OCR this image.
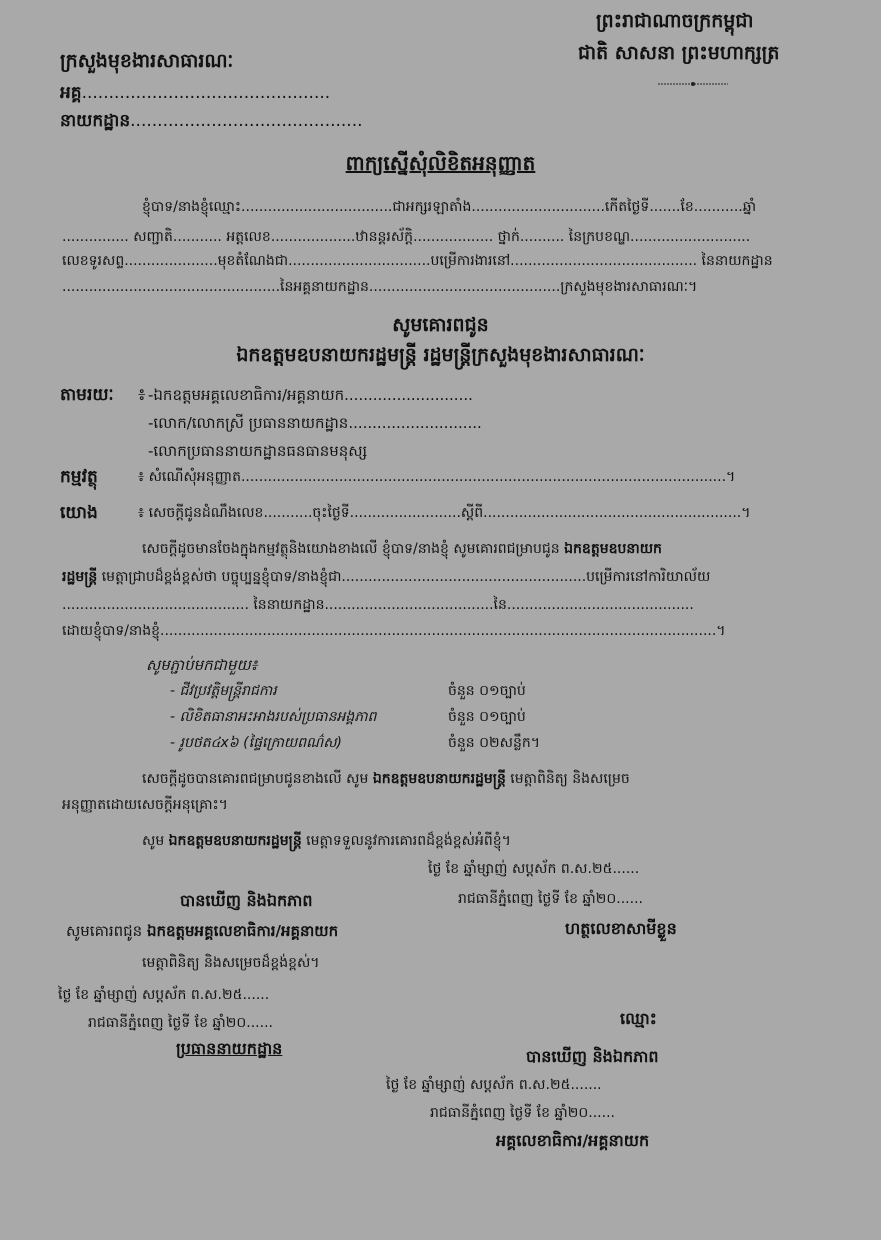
ព្រះរាជាណាចក្រកម្ពុជា
ជាតិ សាសនា ព្រះមហាក្សត្រ
ក្រសួងមុខងារសាធារណៈ
អគ្គ..............................................
នាយកដ្ឋាន...........................................
ពាក្យស្នើសុំលិខិតអនុញ្ញាត
ខ្ញុំបាទ/នាងខ្ញុំឈ្មោះ..................................ជាអក្សរឡាតាំង..............................កើតថ្ងៃទី.......ខែ...........ឆ្នាំ
............... សញ្ជាតិ........... អត្តលេខ...................ឋានន្តរស័ក្តិ.................. ថ្នាក់.......... នៃក្របខណ្ឌ...........................
លេខទូរសព្ទ.....................មុខតំណែងជា................................បម្រើការងារនៅ.......................................... នៃនាយកដ្ឋាន
.................................................នៃអគ្គនាយកដ្ឋាន...........................................ក្រសួងមុខងារសាធារណៈ។
សូមគោរពជូន
ឯកឧត្តមឧបនាយករដ្ឋមន្ត្រី រដ្ឋមន្ត្រីក្រសួងមុខងារសាធារណៈ
តាមរយៈ ៖ -ឯកឧត្តមអគ្គលេខាធិការ/អគ្គនាយក...........................
-លោក/លោកស្រី ប្រធាននាយកដ្ឋាន............................
-លោកប្រធាននាយកដ្ឋានធនធានមនុស្ស
កម្មវត្ថុ	៖ សំណើសុំអនុញ្ញាត.............................................................................................................។
យោង	៖ សេចក្តីជូនដំណឹងលេខ...........ចុះថ្ងៃទី.........................ស្តីពី..........................................................។
សេចក្តីដូចមានចែងក្នុងកម្មវត្ថុនិងយោងខាងលើ ខ្ញុំបាទ/នាងខ្ញុំ សូមគោរពជម្រាបជូន ឯកឧត្តមឧបនាយក
រដ្ឋមន្ត្រី មេត្តាជ្រាបដ៏ខ្ពង់ខ្ពស់ថា បច្ចុប្បន្នខ្ញុំបាទ/នាងខ្ញុំជា.......................................................បម្រើការនៅការិយាល័យ
.......................................... នៃនាយកដ្ឋាន......................................នៃ..........................................
ដោយខ្ញុំបាទ/នាងខ្ញុំ.............................................................................................................................។
សូមភ្ជាប់មកជាមួយ៖
- ជីវប្រវត្តិមន្ត្រីរាជការ	ចំនួន ០១ច្បាប់
- លិខិតធានាអះអាងរបស់ប្រធានអង្គភាព	ចំនួន ០១ច្បាប់
- រូបថត៤x៦ (ផ្ទៃក្រោយពណ៌ស)	ចំនួន ០២សន្លឹក។
សេចក្តីដូចបានគោរពជម្រាបជូនខាងលើ សូម ឯកឧត្តមឧបនាយករដ្ឋមន្ត្រី មេត្តាពិនិត្យ និងសម្រេច
អនុញ្ញាតដោយសេចក្តីអនុគ្រោះ។
សូម ឯកឧត្តមឧបនាយករដ្ឋមន្ត្រី មេត្តាទទួលនូវការគោរពដ៏ខ្ពង់ខ្ពស់អំពីខ្ញុំ។
ថ្ងៃ ខែ ឆ្នាំម្សាញ់ សប្តស័ក ព.ស.២៥......
រាជធានីភ្នំពេញ ថ្ងៃទី ខែ ឆ្នាំ២០......
ហត្ថលេខាសាមីខ្លួន
ឈ្មោះ
បានឃើញ និងឯកភាព
សូមគោរពជូន ឯកឧត្តមអគ្គលេខាធិការ/អគ្គនាយក
មេត្តាពិនិត្យ និងសម្រេចដ៏ខ្ពង់ខ្ពស់។
ថ្ងៃ ខែ ឆ្នាំម្សាញ់ សប្តស័ក ព.ស.២៥......
រាជធានីភ្នំពេញ ថ្ងៃទី ខែ ឆ្នាំ២០......
ប្រធាននាយកដ្ឋាន	បានឃើញ និងឯកភាព
ថ្ងៃ ខែ ឆ្នាំម្សាញ់ សប្តស័ក ព.ស.២៥.......
រាជធានីភ្នំពេញ ថ្ងៃទី ខែ ឆ្នាំ២០......
អគ្គលេខាធិការ/អគ្គនាយក
